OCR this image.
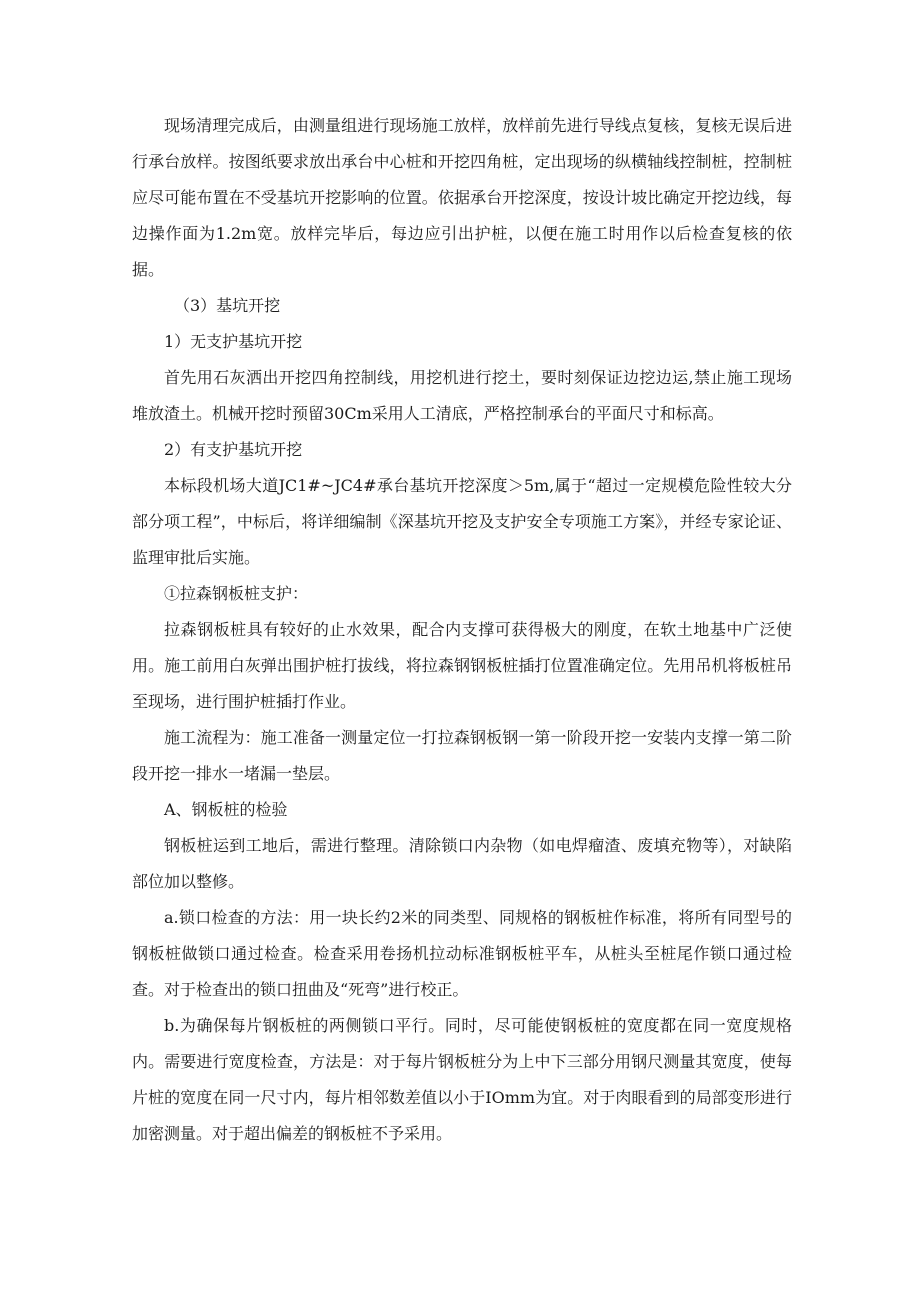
现场清理完成后，由测量组进行现场施工放样，放样前先进行导线点复核，复核无误后进行承台放样。按图纸要求放出承台中心桩和开挖四角桩，定出现场的纵横轴线控制桩，控制桩应尽可能布置在不受基坑开挖影响的位置。依据承台开挖深度，按设计坡比确定开挖边线，每边操作面为1.2m宽。放样完毕后，每边应引出护桩，以便在施工时用作以后检查复核的依据。

（3）基坑开挖

1）无支护基坑开挖

首先用石灰洒出开挖四角控制线，用挖机进行挖土，要时刻保证边挖边运,禁止施工现场堆放渣土。机械开挖时预留30Cm采用人工清底，严格控制承台的平面尺寸和标高。

2）有支护基坑开挖

本标段机场大道JC1#~JC4#承台基坑开挖深度＞5m,属于“超过一定规模危险性较大分部分项工程”，中标后，将详细编制《深基坑开挖及支护安全专项施工方案》，并经专家论证、监理审批后实施。

①拉森钢板桩支护：

拉森钢板桩具有较好的止水效果，配合内支撑可获得极大的刚度，在软土地基中广泛使用。施工前用白灰弹出围护桩打拔线，将拉森钢钢板桩插打位置准确定位。先用吊机将板桩吊至现场，进行围护桩插打作业。

施工流程为：施工准备一测量定位一打拉森钢板钢一第一阶段开挖一安装内支撑一第二阶段开挖一排水一堵漏一垫层。

A、钢板桩的检验

钢板桩运到工地后，需进行整理。清除锁口内杂物（如电焊瘤渣、废填充物等），对缺陷部位加以整修。

a.锁口检查的方法：用一块长约2米的同类型、同规格的钢板桩作标准，将所有同型号的钢板桩做锁口通过检查。检查采用卷扬机拉动标准钢板桩平车，从桩头至桩尾作锁口通过检查。对于检查出的锁口扭曲及“死弯”进行校正。

b.为确保每片钢板桩的两侧锁口平行。同时，尽可能使钢板桩的宽度都在同一宽度规格内。需要进行宽度检查，方法是：对于每片钢板桩分为上中下三部分用钢尺测量其宽度，使每片桩的宽度在同一尺寸内，每片相邻数差值以小于IOmm为宜。对于肉眼看到的局部变形进行加密测量。对于超出偏差的钢板桩不予采用。
